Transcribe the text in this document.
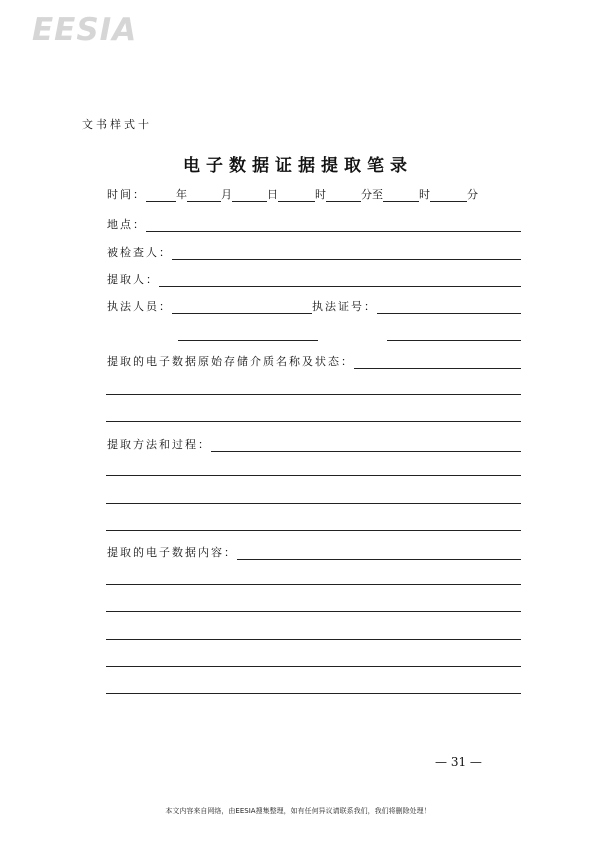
EESIA
文书样式十
电子数据证据提取笔录
时间：	年	月	日	时	分至	时	分
地点：
被检查人：
提取人：
执法人员：	执法证号：
提取的电子数据原始存储介质名称及状态：
提取方法和过程：
提取的电子数据内容：
— 31 —
本文内容来自网络，由EESIA搜集整理，如有任何异议请联系我们，我们将删除处理！
